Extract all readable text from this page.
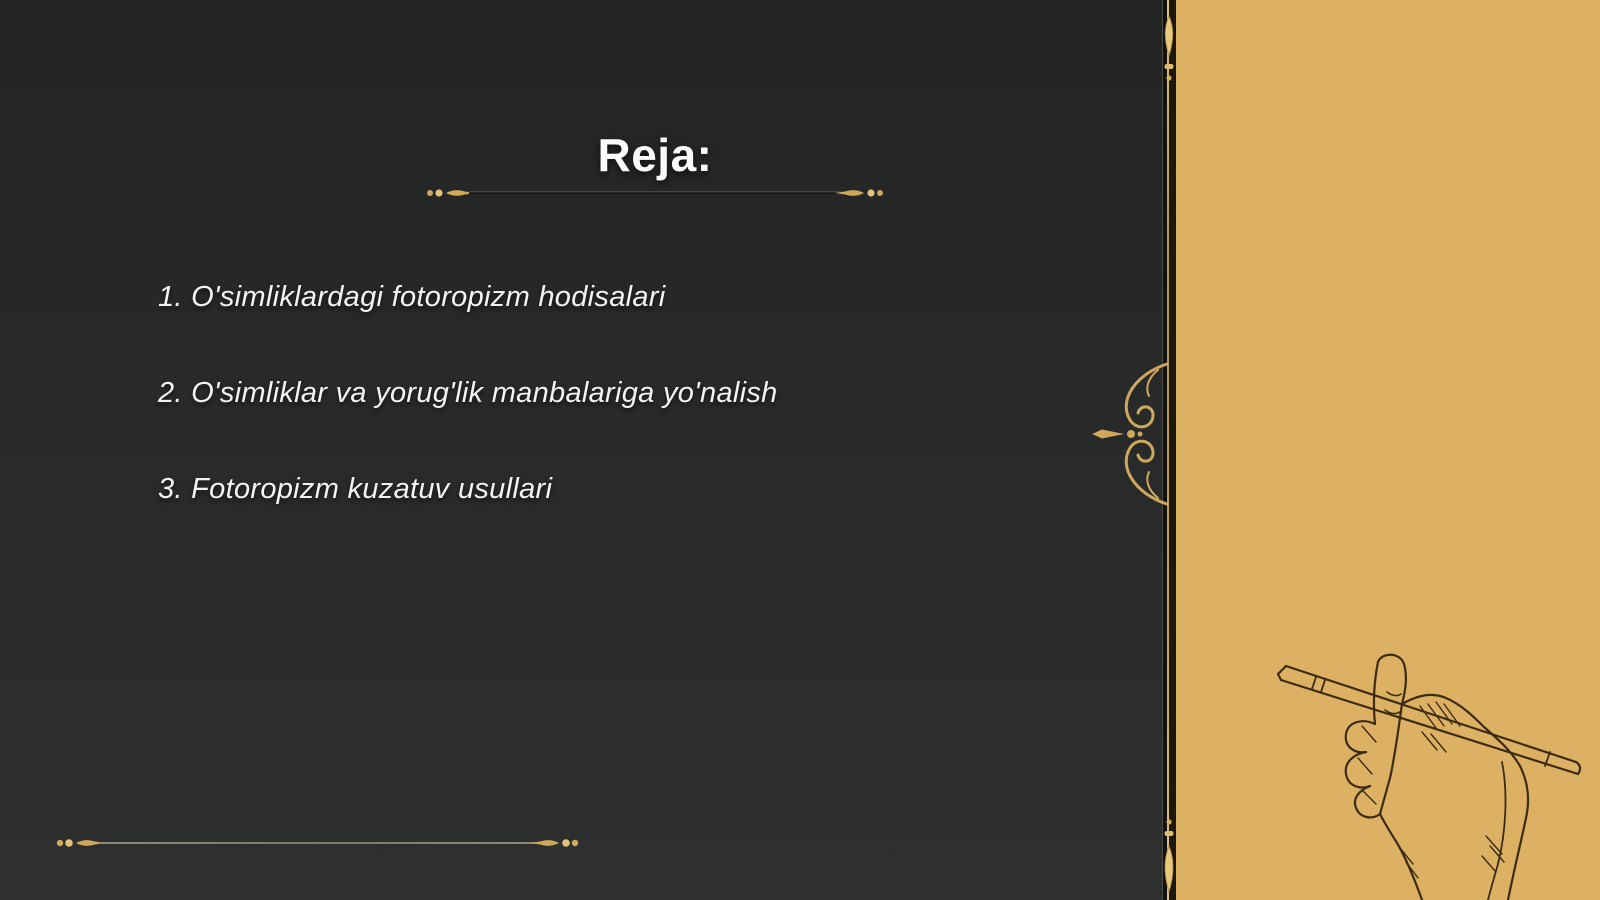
Reja:
1. O'simliklardagi fotoropizm hodisalari
2. O'simliklar va yorug'lik manbalariga yo'nalish
3. Fotoropizm kuzatuv usullari
